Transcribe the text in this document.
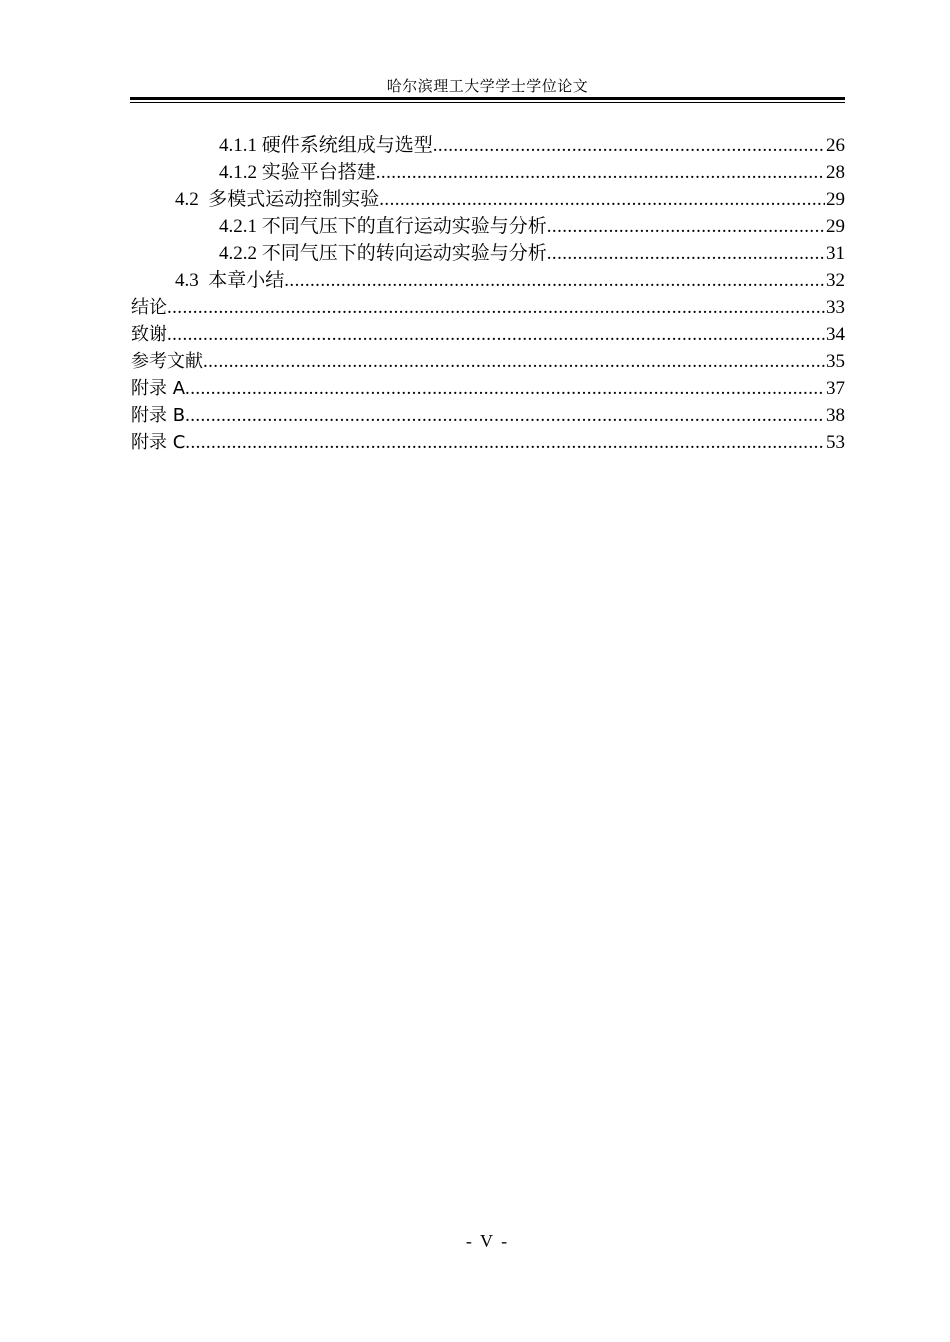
哈尔滨理工大学学士学位论文
4.1.1 硬件系统组成与选型 .....	26
4.1.2 实验平台搭建 .....	28
4.2  多模式运动控制实验 .....	29
4.2.1 不同气压下的直行运动实验与分析 .....	29
4.2.2 不同气压下的转向运动实验与分析 .....	31
4.3  本章小结 .....	32
结论 .....	33
致谢 .....	34
参考文献 .....	35
附录 A .....	37
附录 B .....	38
附录 C .....	53
- V -
